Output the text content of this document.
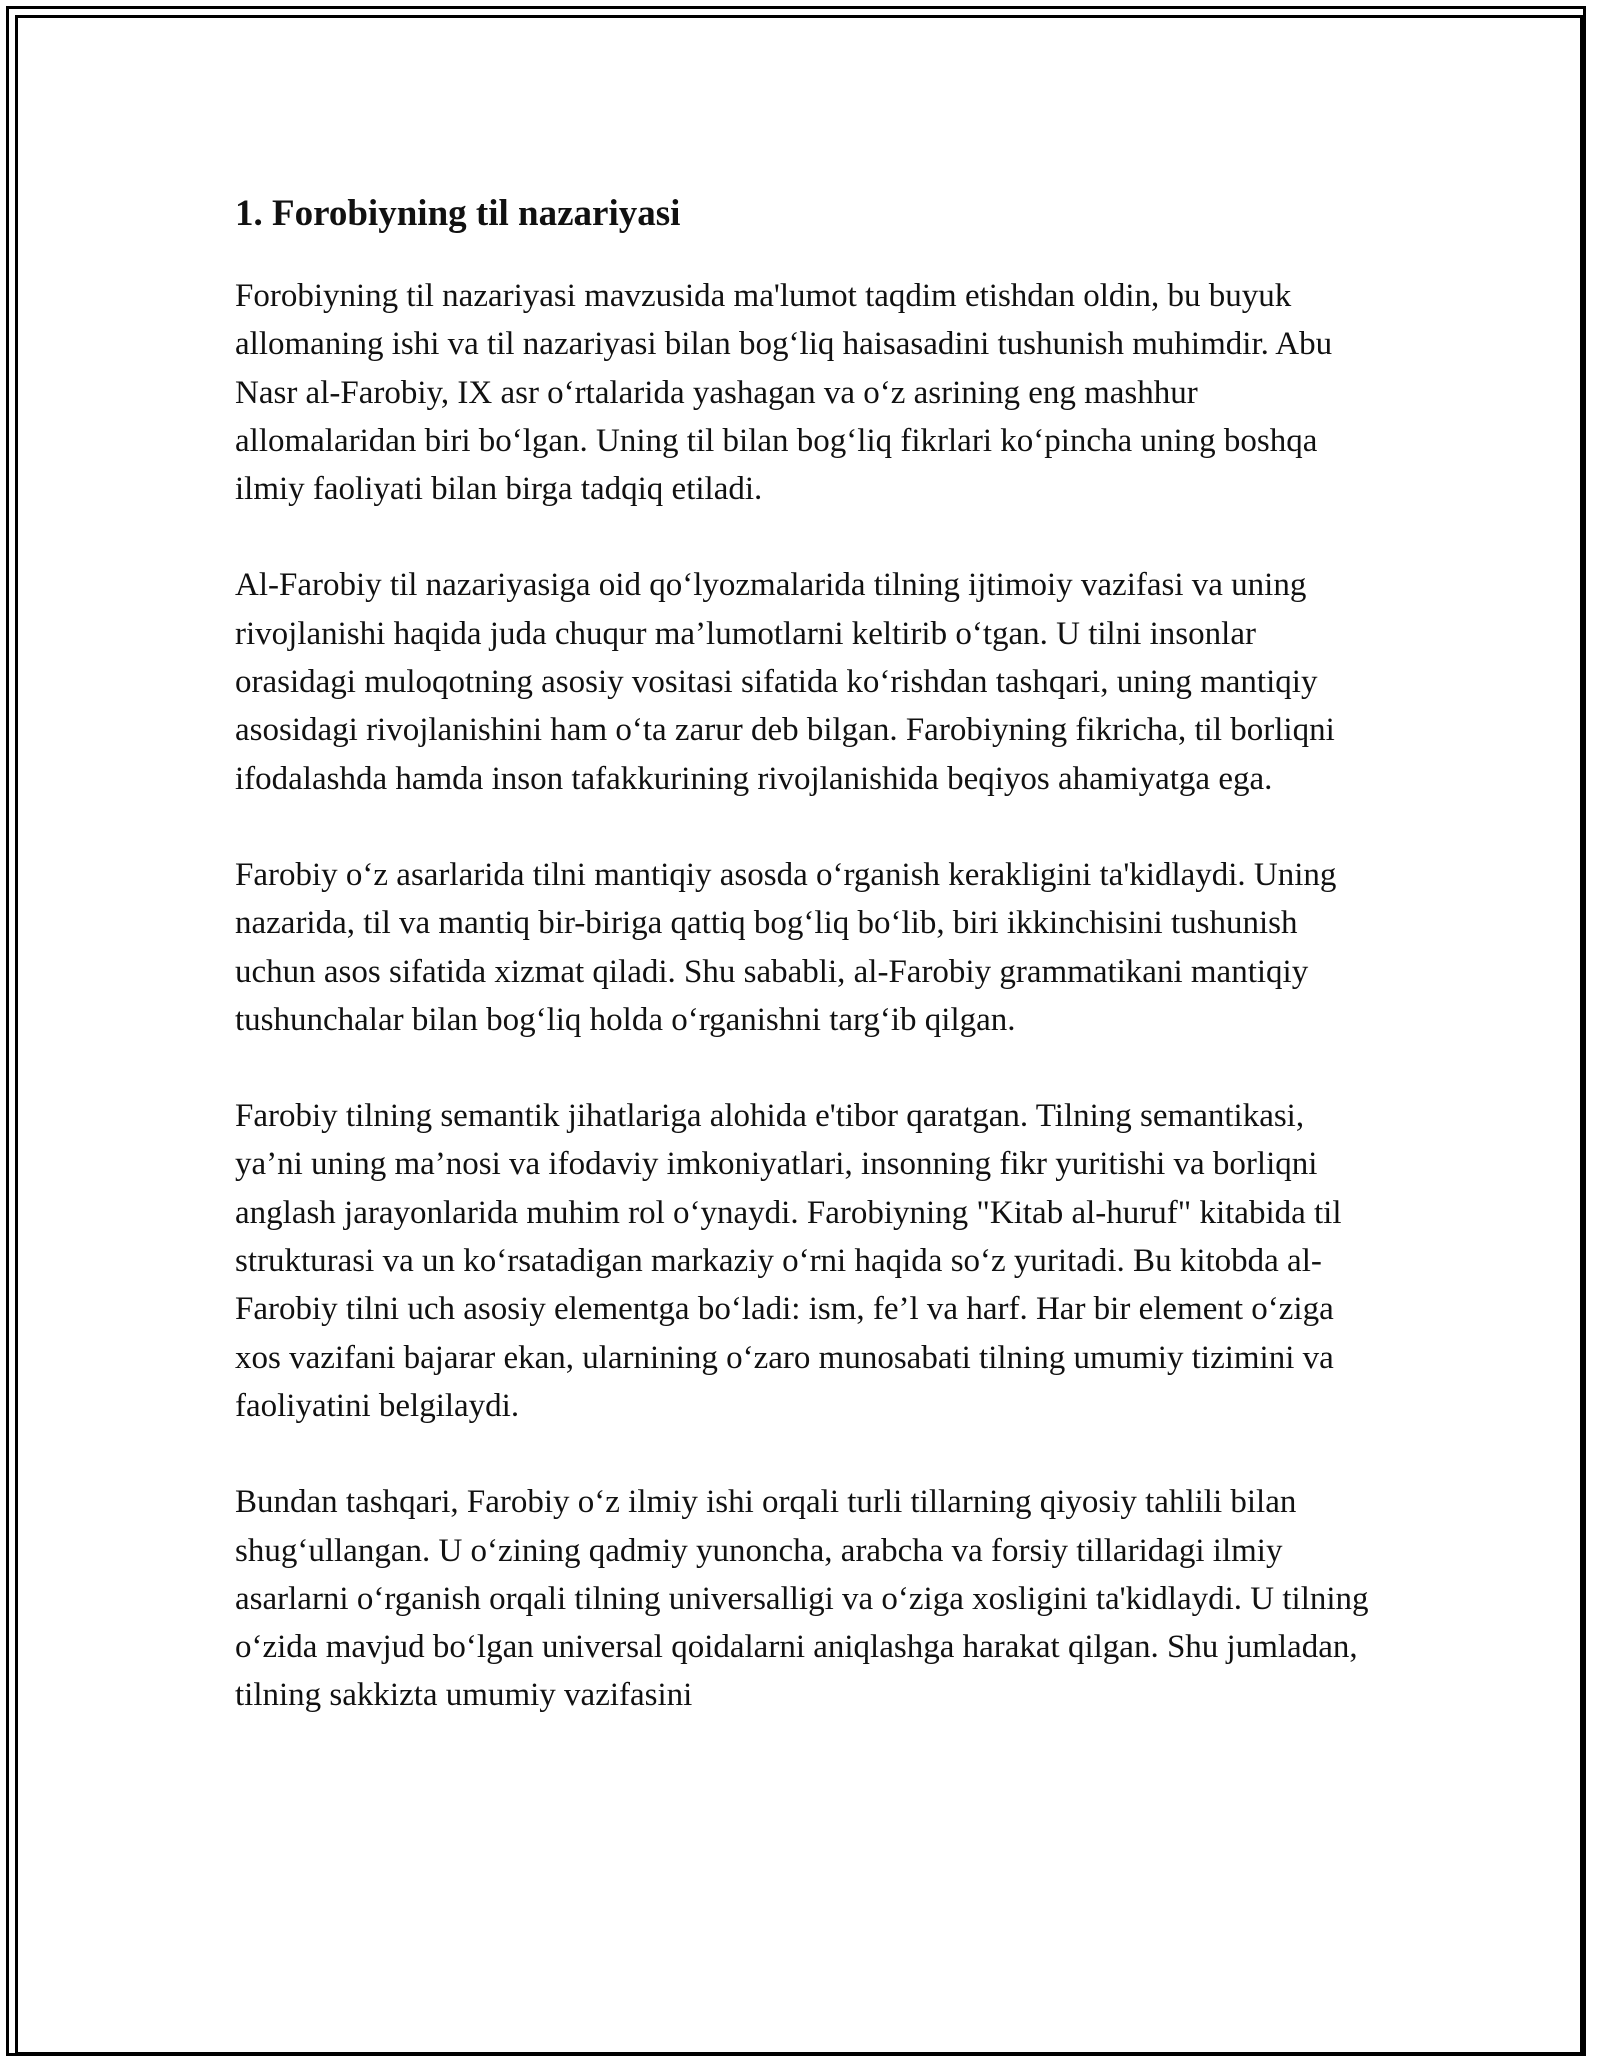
1. Forobiyning til nazariyasi

Forobiyning til nazariyasi mavzusida ma'lumot taqdim etishdan oldin, bu buyuk allomaning ishi va til nazariyasi bilan bog‘liq haisasadini tushunish muhimdir. Abu Nasr al-Farobiy, IX asr o‘rtalarida yashagan va o‘z asrining eng mashhur allomalaridan biri bo‘lgan. Uning til bilan bog‘liq fikrlari ko‘pincha uning boshqa ilmiy faoliyati bilan birga tadqiq etiladi.

Al-Farobiy til nazariyasiga oid qo‘lyozmalarida tilning ijtimoiy vazifasi va uning rivojlanishi haqida juda chuqur ma’lumotlarni keltirib o‘tgan. U tilni insonlar orasidagi muloqotning asosiy vositasi sifatida ko‘rishdan tashqari, uning mantiqiy asosidagi rivojlanishini ham o‘ta zarur deb bilgan. Farobiyning fikricha, til borliqni ifodalashda hamda inson tafakkurining rivojlanishida beqiyos ahamiyatga ega.

Farobiy o‘z asarlarida tilni mantiqiy asosda o‘rganish kerakligini ta'kidlaydi. Uning nazarida, til va mantiq bir-biriga qattiq bog‘liq bo‘lib, biri ikkinchisini tushunish uchun asos sifatida xizmat qiladi. Shu sababli, al-Farobiy grammatikani mantiqiy tushunchalar bilan bog‘liq holda o‘rganishni targ‘ib qilgan.

Farobiy tilning semantik jihatlariga alohida e'tibor qaratgan. Tilning semantikasi, ya’ni uning ma’nosi va ifodaviy imkoniyatlari, insonning fikr yuritishi va borliqni anglash jarayonlarida muhim rol o‘ynaydi. Farobiyning "Kitab al-huruf" kitabida til strukturasi va un ko‘rsatadigan markaziy o‘rni haqida so‘z yuritadi. Bu kitobda al-Farobiy tilni uch asosiy elementga bo‘ladi: ism, fe’l va harf. Har bir element o‘ziga xos vazifani bajarar ekan, ularnining o‘zaro munosabati tilning umumiy tizimini va faoliyatini belgilaydi.

Bundan tashqari, Farobiy o‘z ilmiy ishi orqali turli tillarning qiyosiy tahlili bilan shug‘ullangan. U o‘zining qadmiy yunoncha, arabcha va forsiy tillaridagi ilmiy asarlarni o‘rganish orqali tilning universalligi va o‘ziga xosligini ta'kidlaydi. U tilning o‘zida mavjud bo‘lgan universal qoidalarni aniqlashga harakat qilgan. Shu jumladan, tilning sakkizta umumiy vazifasini
